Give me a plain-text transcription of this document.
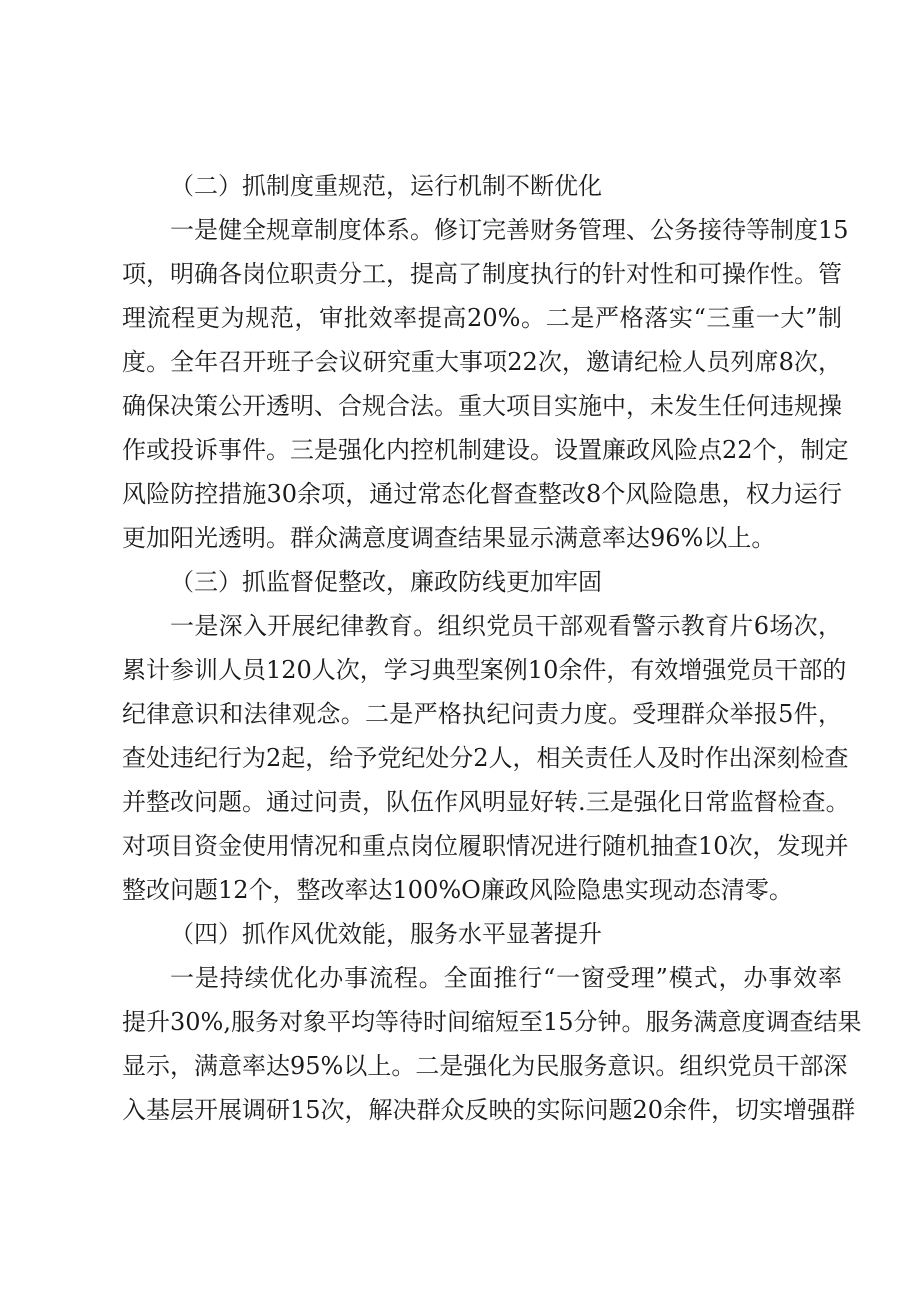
（二）抓制度重规范，运行机制不断优化
一是健全规章制度体系。修订完善财务管理、公务接待等制度15
项，明确各岗位职责分工，提高了制度执行的针对性和可操作性。管
理流程更为规范，审批效率提高20%。二是严格落实“三重一大”制
度。全年召开班子会议研究重大事项22次，邀请纪检人员列席8次，
确保决策公开透明、合规合法。重大项目实施中，未发生任何违规操
作或投诉事件。三是强化内控机制建设。设置廉政风险点22个，制定
风险防控措施30余项，通过常态化督查整改8个风险隐患，权力运行
更加阳光透明。群众满意度调查结果显示满意率达96%以上。
（三）抓监督促整改，廉政防线更加牢固
一是深入开展纪律教育。组织党员干部观看警示教育片6场次，
累计参训人员120人次，学习典型案例10余件，有效增强党员干部的
纪律意识和法律观念。二是严格执纪问责力度。受理群众举报5件，
查处违纪行为2起，给予党纪处分2人，相关责任人及时作出深刻检查
并整改问题。通过问责，队伍作风明显好转.三是强化日常监督检查。
对项目资金使用情况和重点岗位履职情况进行随机抽查10次，发现并
整改问题12个，整改率达100%O廉政风险隐患实现动态清零。
（四）抓作风优效能，服务水平显著提升
一是持续优化办事流程。全面推行“一窗受理”模式，办事效率
提升30%,服务对象平均等待时间缩短至15分钟。服务满意度调查结果
显示，满意率达95%以上。二是强化为民服务意识。组织党员干部深
入基层开展调研15次，解决群众反映的实际问题20余件，切实增强群
